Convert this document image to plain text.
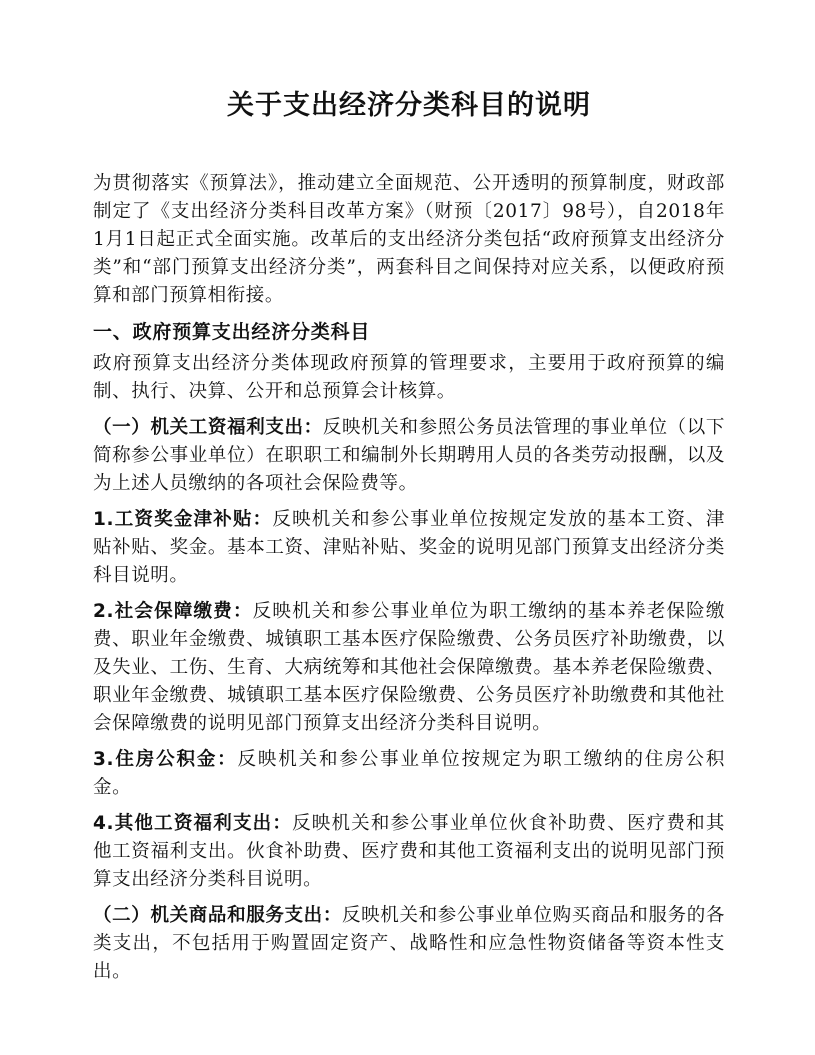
关于支出经济分类科目的说明

为贯彻落实《预算法》，推动建立全面规范、公开透明的预算制度，财政部制定了《支出经济分类科目改革方案》（财预〔2017〕98号），自2018年1月1日起正式全面实施。改革后的支出经济分类包括“政府预算支出经济分类”和“部门预算支出经济分类”，两套科目之间保持对应关系，以便政府预算和部门预算相衔接。

一、政府预算支出经济分类科目

政府预算支出经济分类体现政府预算的管理要求，主要用于政府预算的编制、执行、决算、公开和总预算会计核算。

（一）机关工资福利支出：反映机关和参照公务员法管理的事业单位（以下简称参公事业单位）在职职工和编制外长期聘用人员的各类劳动报酬，以及为上述人员缴纳的各项社会保险费等。

1.工资奖金津补贴：反映机关和参公事业单位按规定发放的基本工资、津贴补贴、奖金。基本工资、津贴补贴、奖金的说明见部门预算支出经济分类科目说明。

2.社会保障缴费：反映机关和参公事业单位为职工缴纳的基本养老保险缴费、职业年金缴费、城镇职工基本医疗保险缴费、公务员医疗补助缴费，以及失业、工伤、生育、大病统筹和其他社会保障缴费。基本养老保险缴费、职业年金缴费、城镇职工基本医疗保险缴费、公务员医疗补助缴费和其他社会保障缴费的说明见部门预算支出经济分类科目说明。

3.住房公积金：反映机关和参公事业单位按规定为职工缴纳的住房公积金。

4.其他工资福利支出：反映机关和参公事业单位伙食补助费、医疗费和其他工资福利支出。伙食补助费、医疗费和其他工资福利支出的说明见部门预算支出经济分类科目说明。

（二）机关商品和服务支出：反映机关和参公事业单位购买商品和服务的各类支出，不包括用于购置固定资产、战略性和应急性物资储备等资本性支出。
